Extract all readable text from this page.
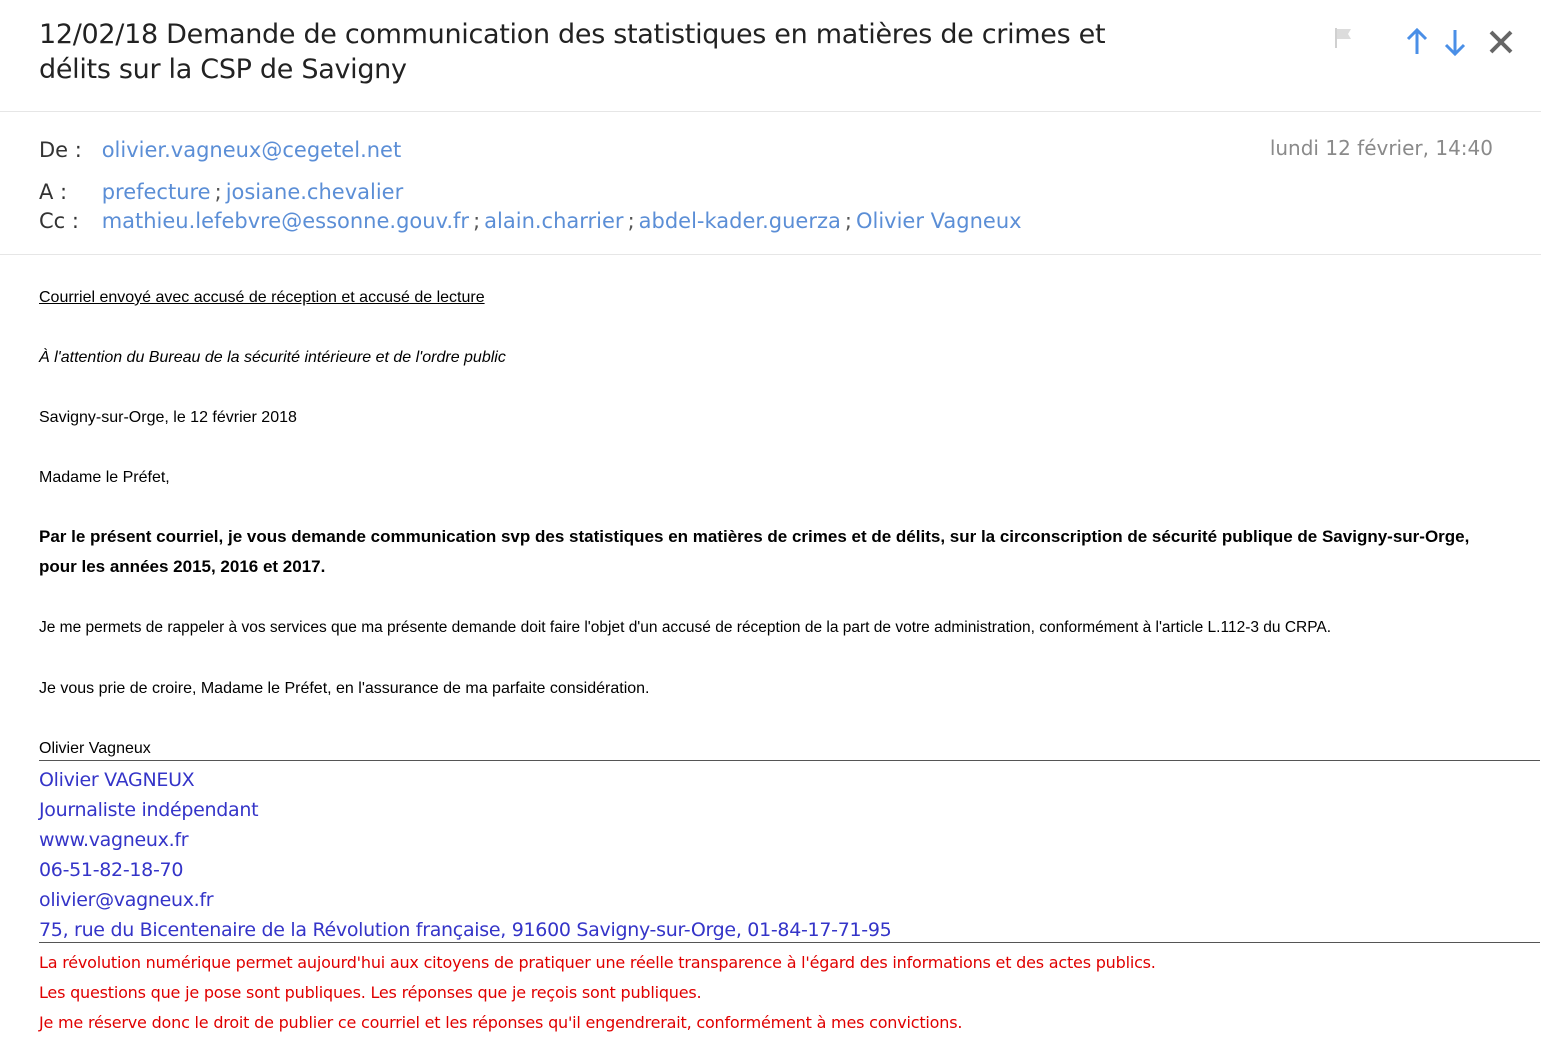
12/02/18 Demande de communication des statistiques en matières de crimes et délits sur la CSP de Savigny
De : olivier.vagneux@cegetel.net	lundi 12 février, 14:40
A : prefecture ; josiane.chevalier
Cc : mathieu.lefebvre@essonne.gouv.fr ; alain.charrier ; abdel-kader.guerza ; Olivier Vagneux
Courriel envoyé avec accusé de réception et accusé de lecture
À l'attention du Bureau de la sécurité intérieure et de l'ordre public
Savigny-sur-Orge, le 12 février 2018
Madame le Préfet,
Par le présent courriel, je vous demande communication svp des statistiques en matières de crimes et de délits, sur la circonscription de sécurité publique de Savigny-sur-Orge, pour les années 2015, 2016 et 2017.
Je me permets de rappeler à vos services que ma présente demande doit faire l'objet d'un accusé de réception de la part de votre administration, conformément à l'article L.112-3 du CRPA.
Je vous prie de croire, Madame le Préfet, en l'assurance de ma parfaite considération.
Olivier Vagneux
Olivier VAGNEUX
Journaliste indépendant
www.vagneux.fr
06-51-82-18-70
olivier@vagneux.fr
75, rue du Bicentenaire de la Révolution française, 91600 Savigny-sur-Orge, 01-84-17-71-95
La révolution numérique permet aujourd'hui aux citoyens de pratiquer une réelle transparence à l'égard des informations et des actes publics.
Les questions que je pose sont publiques. Les réponses que je reçois sont publiques.
Je me réserve donc le droit de publier ce courriel et les réponses qu'il engendrerait, conformément à mes convictions.
